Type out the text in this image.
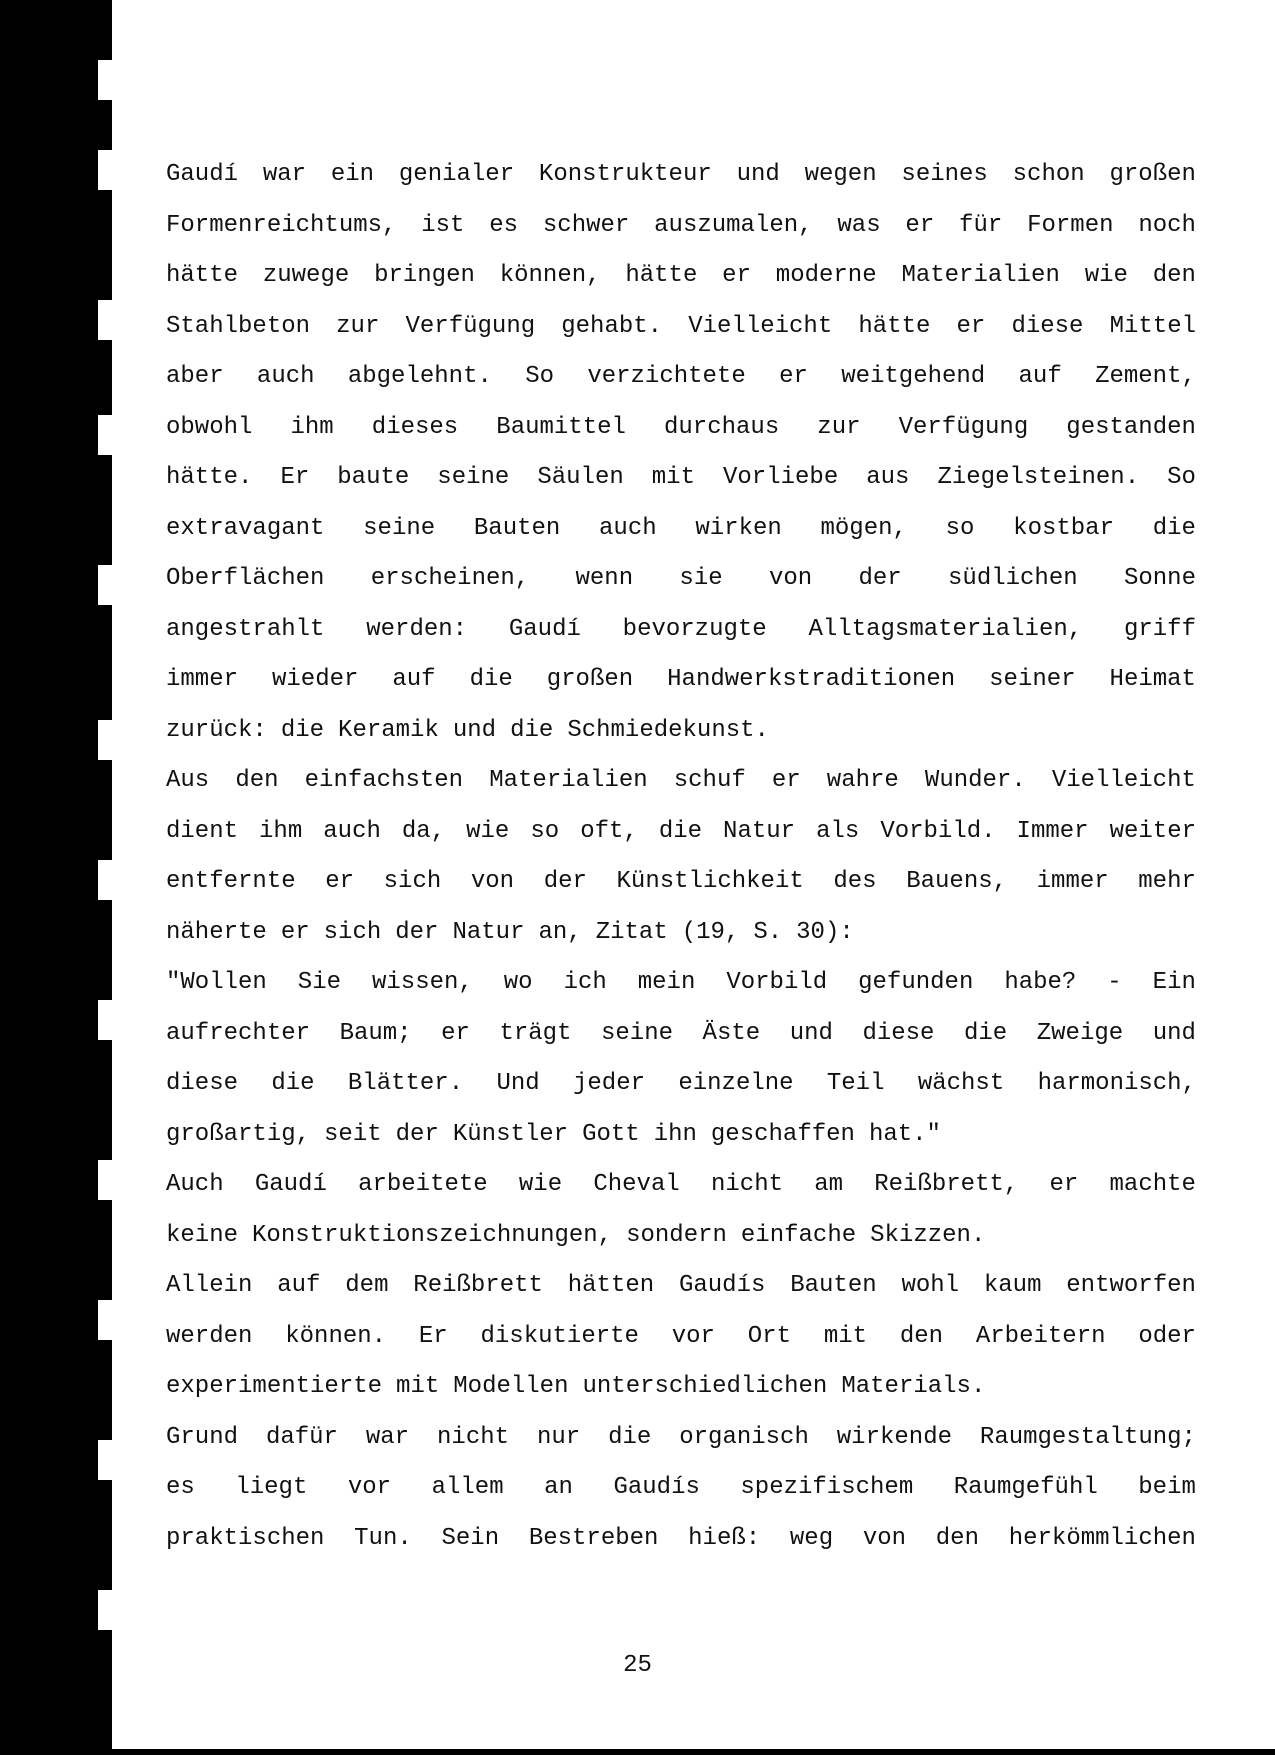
Gaudí war ein genialer Konstrukteur und wegen seines schon großen
Formenreichtums, ist es schwer auszumalen, was er für Formen noch
hätte zuwege bringen können, hätte er moderne Materialien wie den
Stahlbeton zur Verfügung gehabt. Vielleicht hätte er diese Mittel
aber auch abgelehnt. So verzichtete er weitgehend auf Zement,
obwohl ihm dieses Baumittel durchaus zur Verfügung gestanden
hätte. Er baute seine Säulen mit Vorliebe aus Ziegelsteinen. So
extravagant seine Bauten auch wirken mögen, so kostbar die
Oberflächen erscheinen, wenn sie von der südlichen Sonne
angestrahlt werden: Gaudí bevorzugte Alltagsmaterialien, griff
immer wieder auf die großen Handwerkstraditionen seiner Heimat
zurück: die Keramik und die Schmiedekunst.
Aus den einfachsten Materialien schuf er wahre Wunder. Vielleicht
dient ihm auch da, wie so oft, die Natur als Vorbild. Immer weiter
entfernte er sich von der Künstlichkeit des Bauens, immer mehr
näherte er sich der Natur an, Zitat (19, S. 30):
"Wollen Sie wissen, wo ich mein Vorbild gefunden habe? - Ein
aufrechter Baum; er trägt seine Äste und diese die Zweige und
diese die Blätter. Und jeder einzelne Teil wächst harmonisch,
großartig, seit der Künstler Gott ihn geschaffen hat."
Auch Gaudí arbeitete wie Cheval nicht am Reißbrett, er machte
keine Konstruktionszeichnungen, sondern einfache Skizzen.
Allein auf dem Reißbrett hätten Gaudís Bauten wohl kaum entworfen
werden können. Er diskutierte vor Ort mit den Arbeitern oder
experimentierte mit Modellen unterschiedlichen Materials.
Grund dafür war nicht nur die organisch wirkende Raumgestaltung;
es liegt vor allem an Gaudís spezifischem Raumgefühl beim
praktischen Tun. Sein Bestreben hieß: weg von den herkömmlichen
25
